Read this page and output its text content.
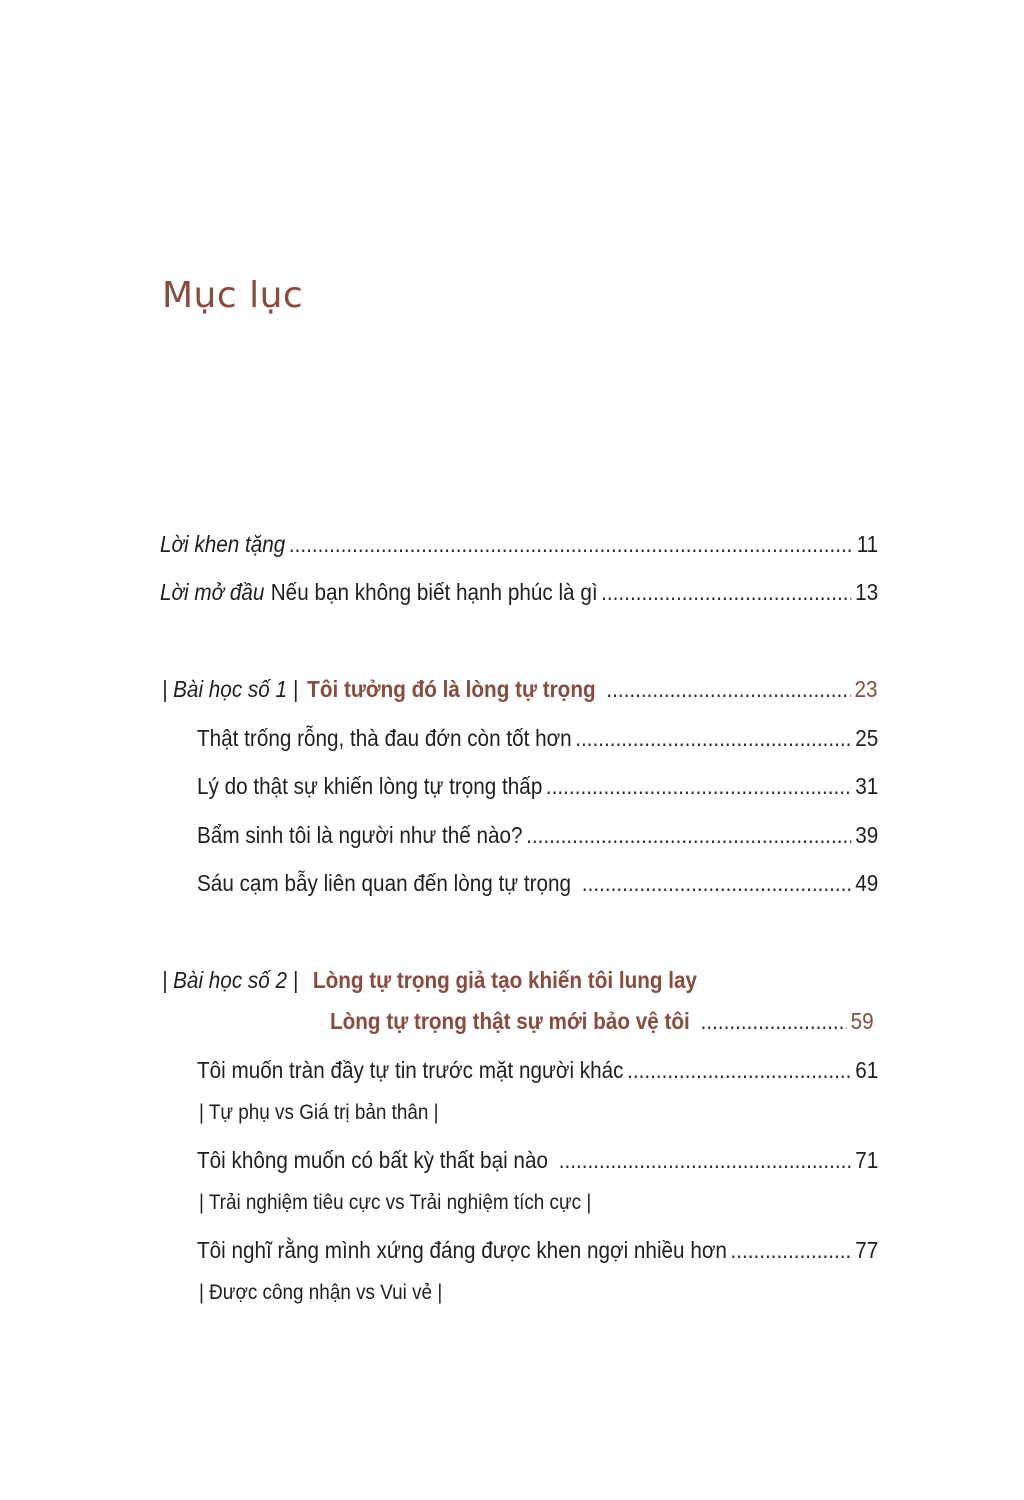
Mục lục
Lời khen tặng .....	11
Lời mở đầu Nếu bạn không biết hạnh phúc là gì .....	13
| Bài học số 1 | Tôi tưởng đó là lòng tự trọng .....	23
Thật trống rỗng, thà đau đớn còn tốt hơn .....	25
Lý do thật sự khiến lòng tự trọng thấp .....	31
Bẩm sinh tôi là người như thế nào? .....	39
Sáu cạm bẫy liên quan đến lòng tự trọng .....	49
| Bài học số 2 | Lòng tự trọng giả tạo khiến tôi lung lay
Lòng tự trọng thật sự mới bảo vệ tôi .....	59
Tôi muốn tràn đầy tự tin trước mặt người khác .....	61
| Tự phụ vs Giá trị bản thân |
Tôi không muốn có bất kỳ thất bại nào .....	71
| Trải nghiệm tiêu cực vs Trải nghiệm tích cực |
Tôi nghĩ rằng mình xứng đáng được khen ngợi nhiều hơn .....	77
| Được công nhận vs Vui vẻ |
